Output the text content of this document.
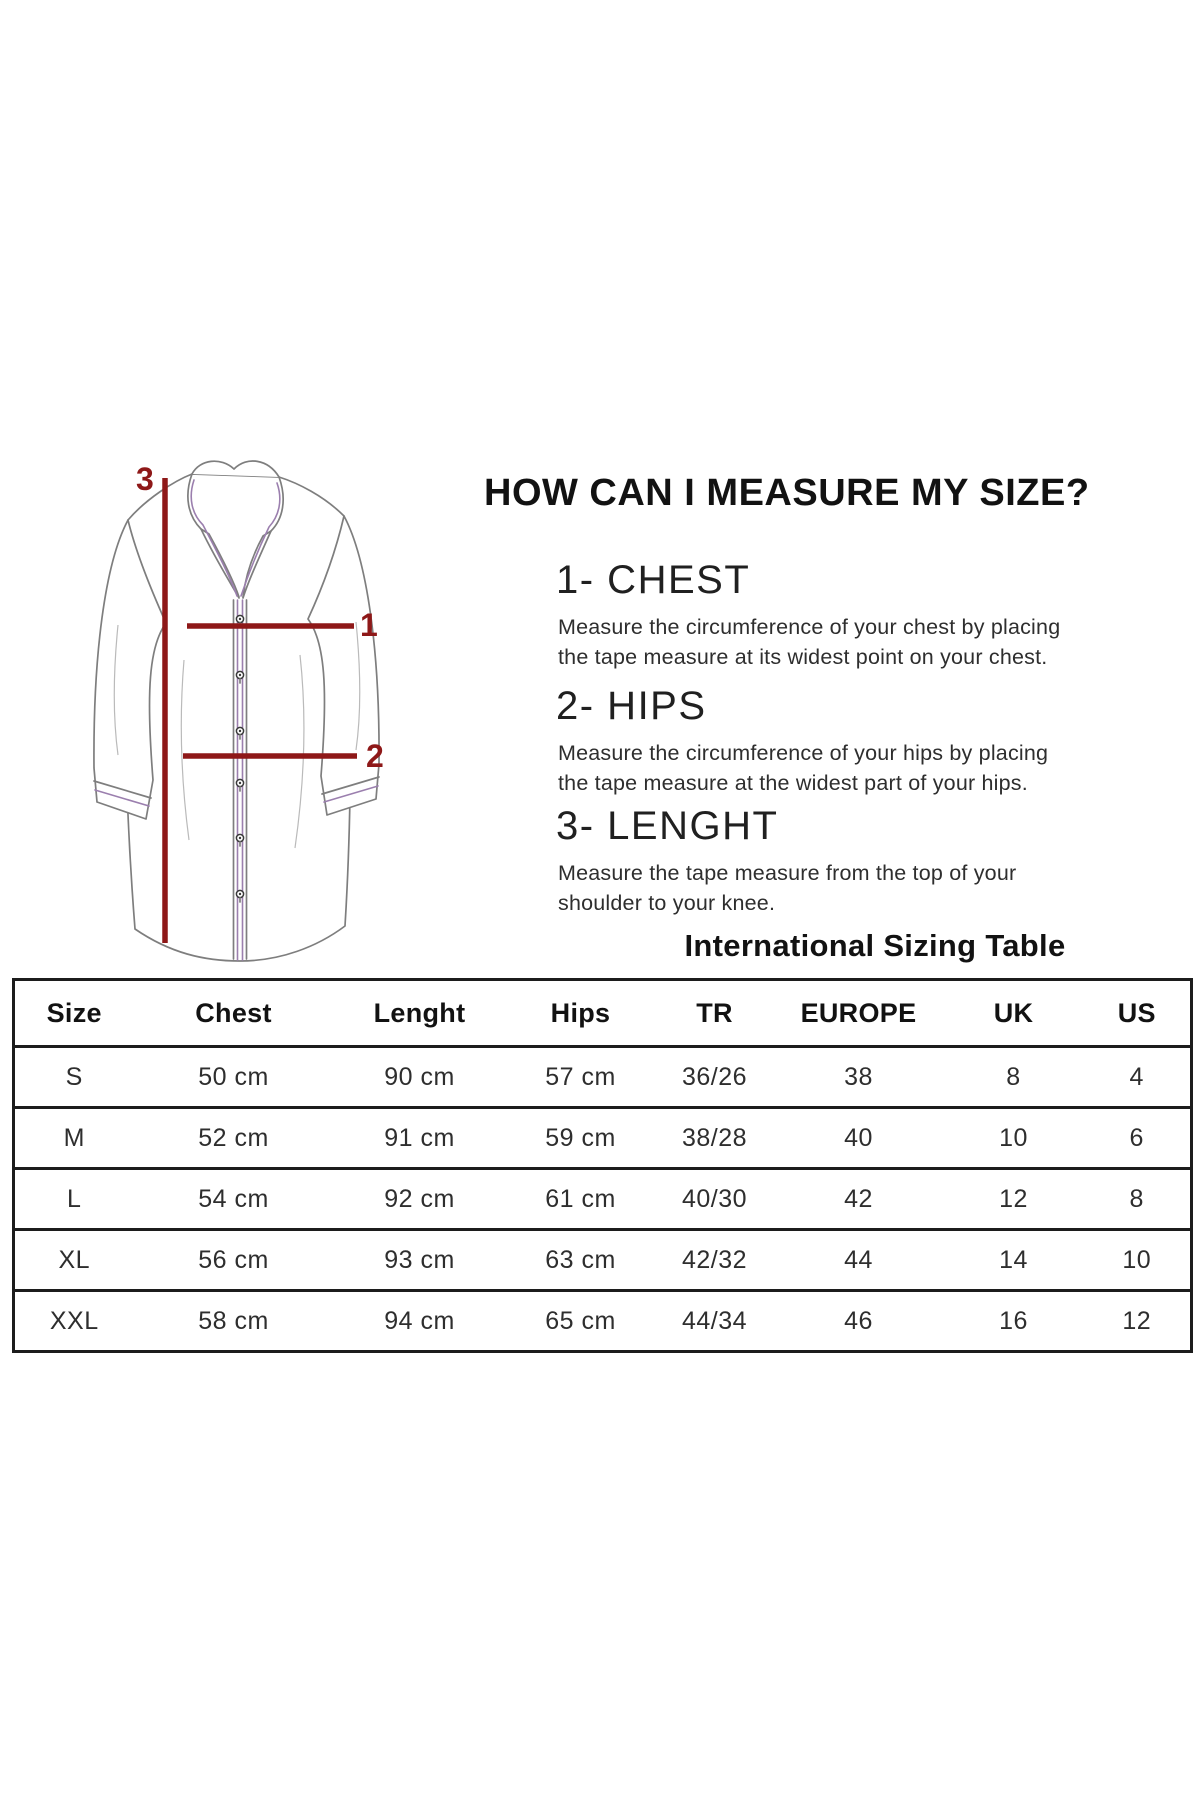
3
1
2
HOW CAN I MEASURE MY SIZE?
1- CHEST

Measure the circumference of your chest by placing
the tape measure at its widest point on your chest.

2- HIPS

Measure the circumference of your hips by placing
the tape measure at the widest part of your hips.

3- LENGHT

Measure the tape measure from the top of your
shoulder to your knee.

International Sizing Table
Size	Chest	Lenght	Hips	TR	EUROPE	UK	US
S	50 cm	90 cm	57 cm	36/26	38	8	4
M	52 cm	91 cm	59 cm	38/28	40	10	6
L	54 cm	92 cm	61 cm	40/30	42	12	8
XL	56 cm	93 cm	63 cm	42/32	44	14	10
XXL	58 cm	94 cm	65 cm	44/34	46	16	12
